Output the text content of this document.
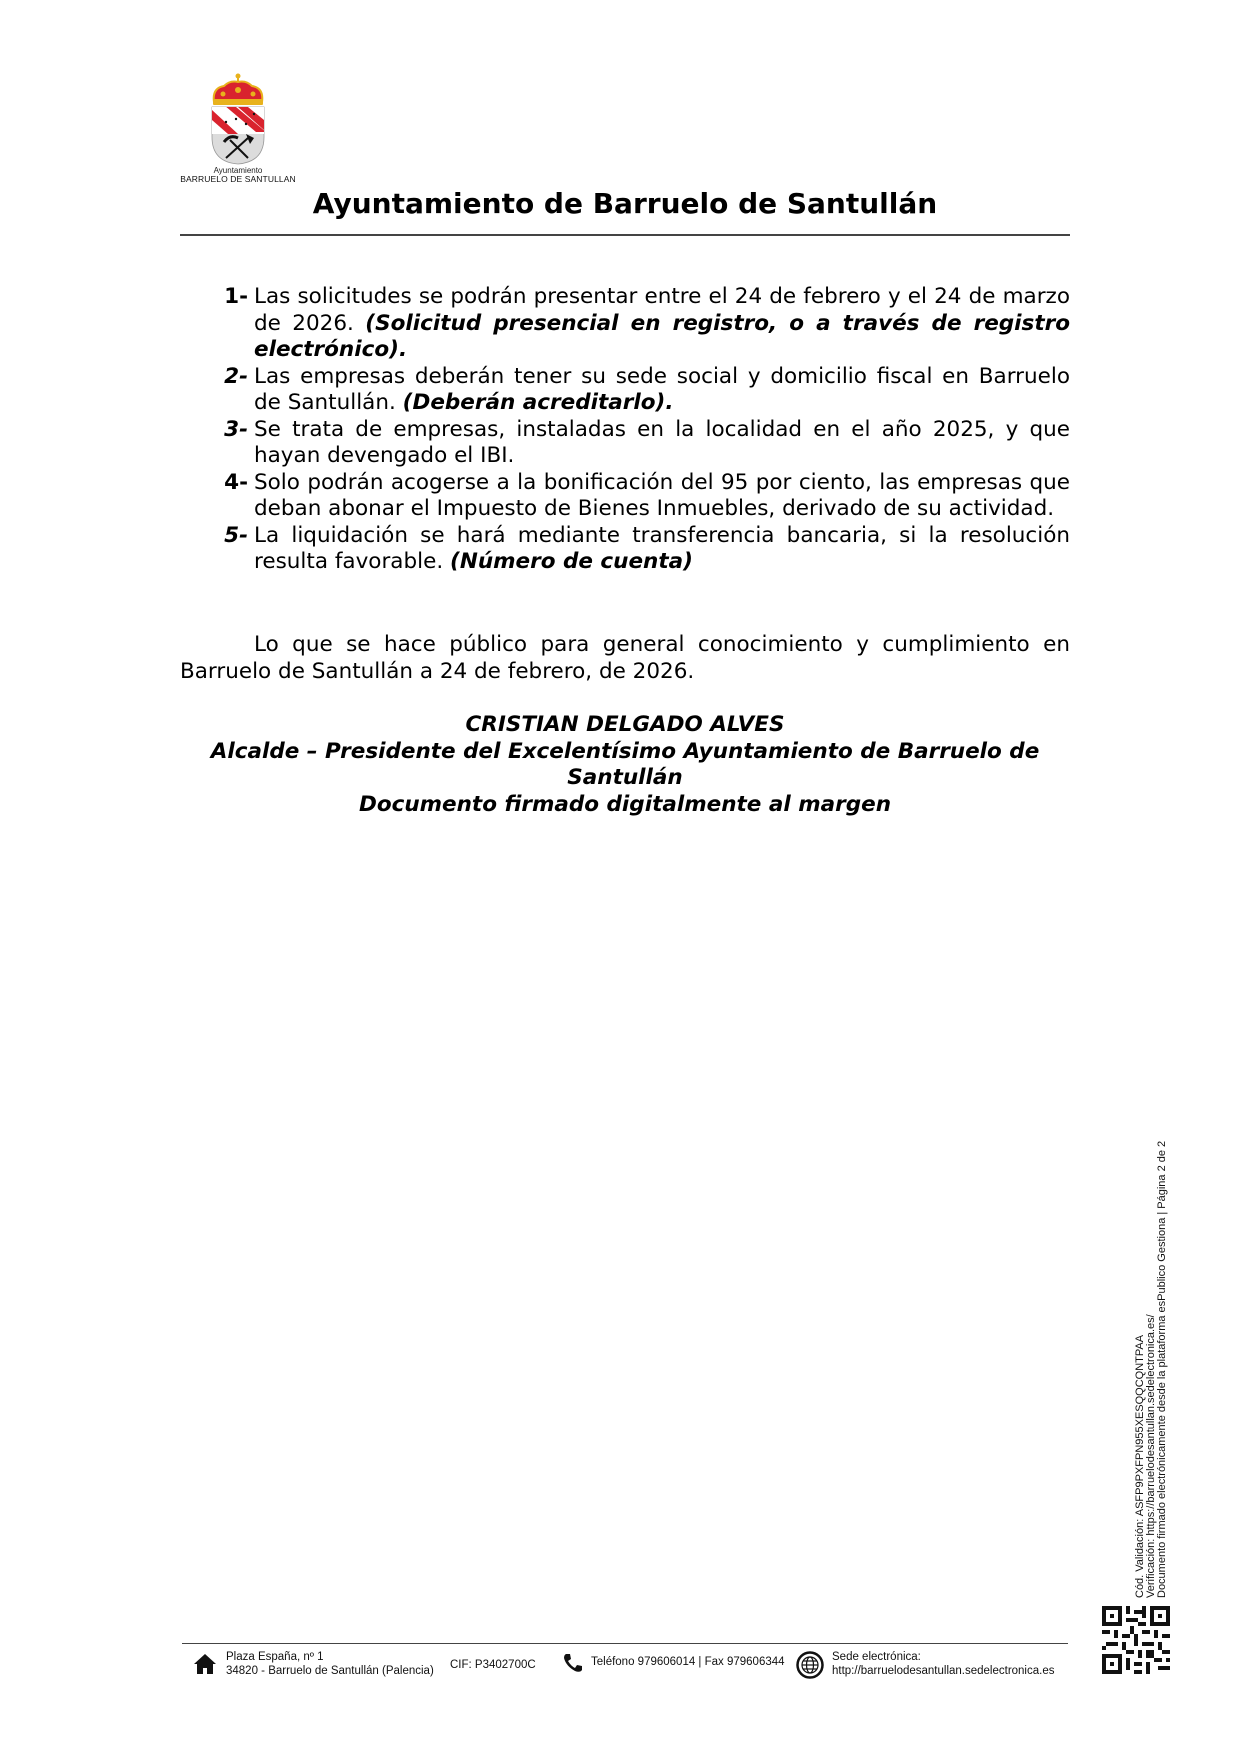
Ayuntamiento
BARRUELO DE SANTULLAN
Ayuntamiento de Barruelo de Santullán
1- Las solicitudes se podrán presentar entre el 24 de febrero y el 24 de marzo de 2026. (Solicitud presencial en registro, o a través de registro electrónico).
2- Las empresas deberán tener su sede social y domicilio fiscal en Barruelo de Santullán. (Deberán acreditarlo).
3- Se trata de empresas, instaladas en la localidad en el año 2025, y que hayan devengado el IBI.
4- Solo podrán acogerse a la bonificación del 95 por ciento, las empresas que deban abonar el Impuesto de Bienes Inmuebles, derivado de su actividad.
5- La liquidación se hará mediante transferencia bancaria, si la resolución resulta favorable. (Número de cuenta)
Lo que se hace público para general conocimiento y cumplimiento en Barruelo de Santullán a 24 de febrero, de 2026.
CRISTIAN DELGADO ALVES
Alcalde – Presidente del Excelentísimo Ayuntamiento de Barruelo de Santullán
Documento firmado digitalmente al margen
Plaza España, nº 1
34820 - Barruelo de Santullán (Palencia) CIF: P3402700C	Teléfono 979606014 | Fax 979606344	Sede electrónica:
http://barruelodesantullan.sedelectronica.es
Cód. Validación: ASFP9PXFPN955XESQQCQNTPAA Verificación: https://barruelodesantullan.sedelectronica.es/ Documento firmado electrónicamente desde la plataforma esPublico Gestiona | Página 2 de 2
